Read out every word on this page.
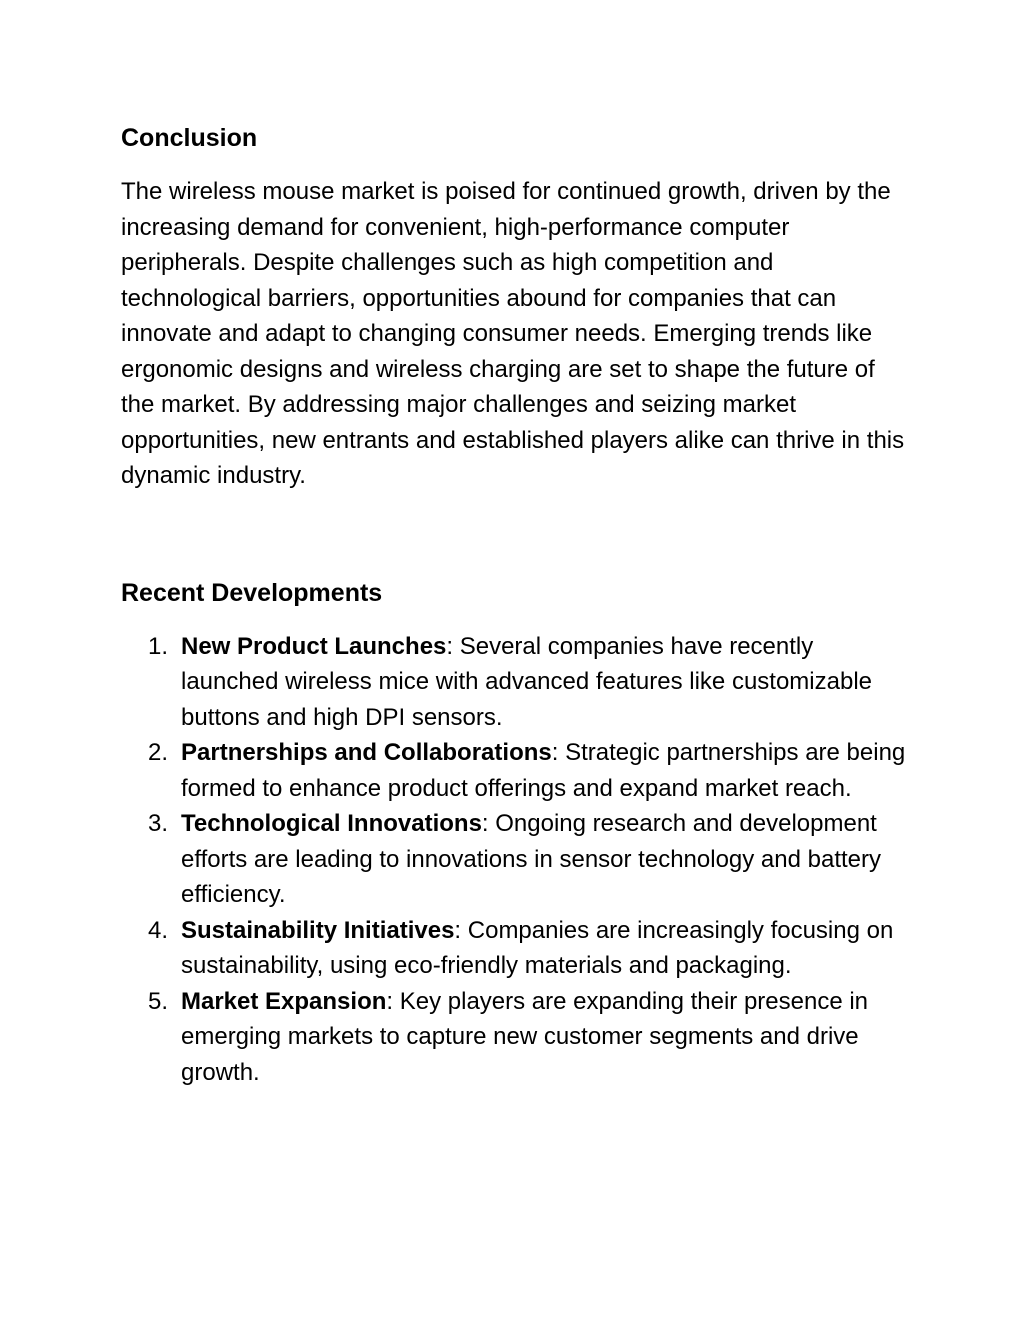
Conclusion

The wireless mouse market is poised for continued growth, driven by the increasing demand for convenient, high-performance computer peripherals. Despite challenges such as high competition and technological barriers, opportunities abound for companies that can innovate and adapt to changing consumer needs. Emerging trends like ergonomic designs and wireless charging are set to shape the future of the market. By addressing major challenges and seizing market opportunities, new entrants and established players alike can thrive in this dynamic industry.

Recent Developments
1. New Product Launches: Several companies have recently launched wireless mice with advanced features like customizable buttons and high DPI sensors.
2. Partnerships and Collaborations: Strategic partnerships are being formed to enhance product offerings and expand market reach.
3. Technological Innovations: Ongoing research and development efforts are leading to innovations in sensor technology and battery efficiency.
4. Sustainability Initiatives: Companies are increasingly focusing on sustainability, using eco-friendly materials and packaging.
5. Market Expansion: Key players are expanding their presence in emerging markets to capture new customer segments and drive growth.
